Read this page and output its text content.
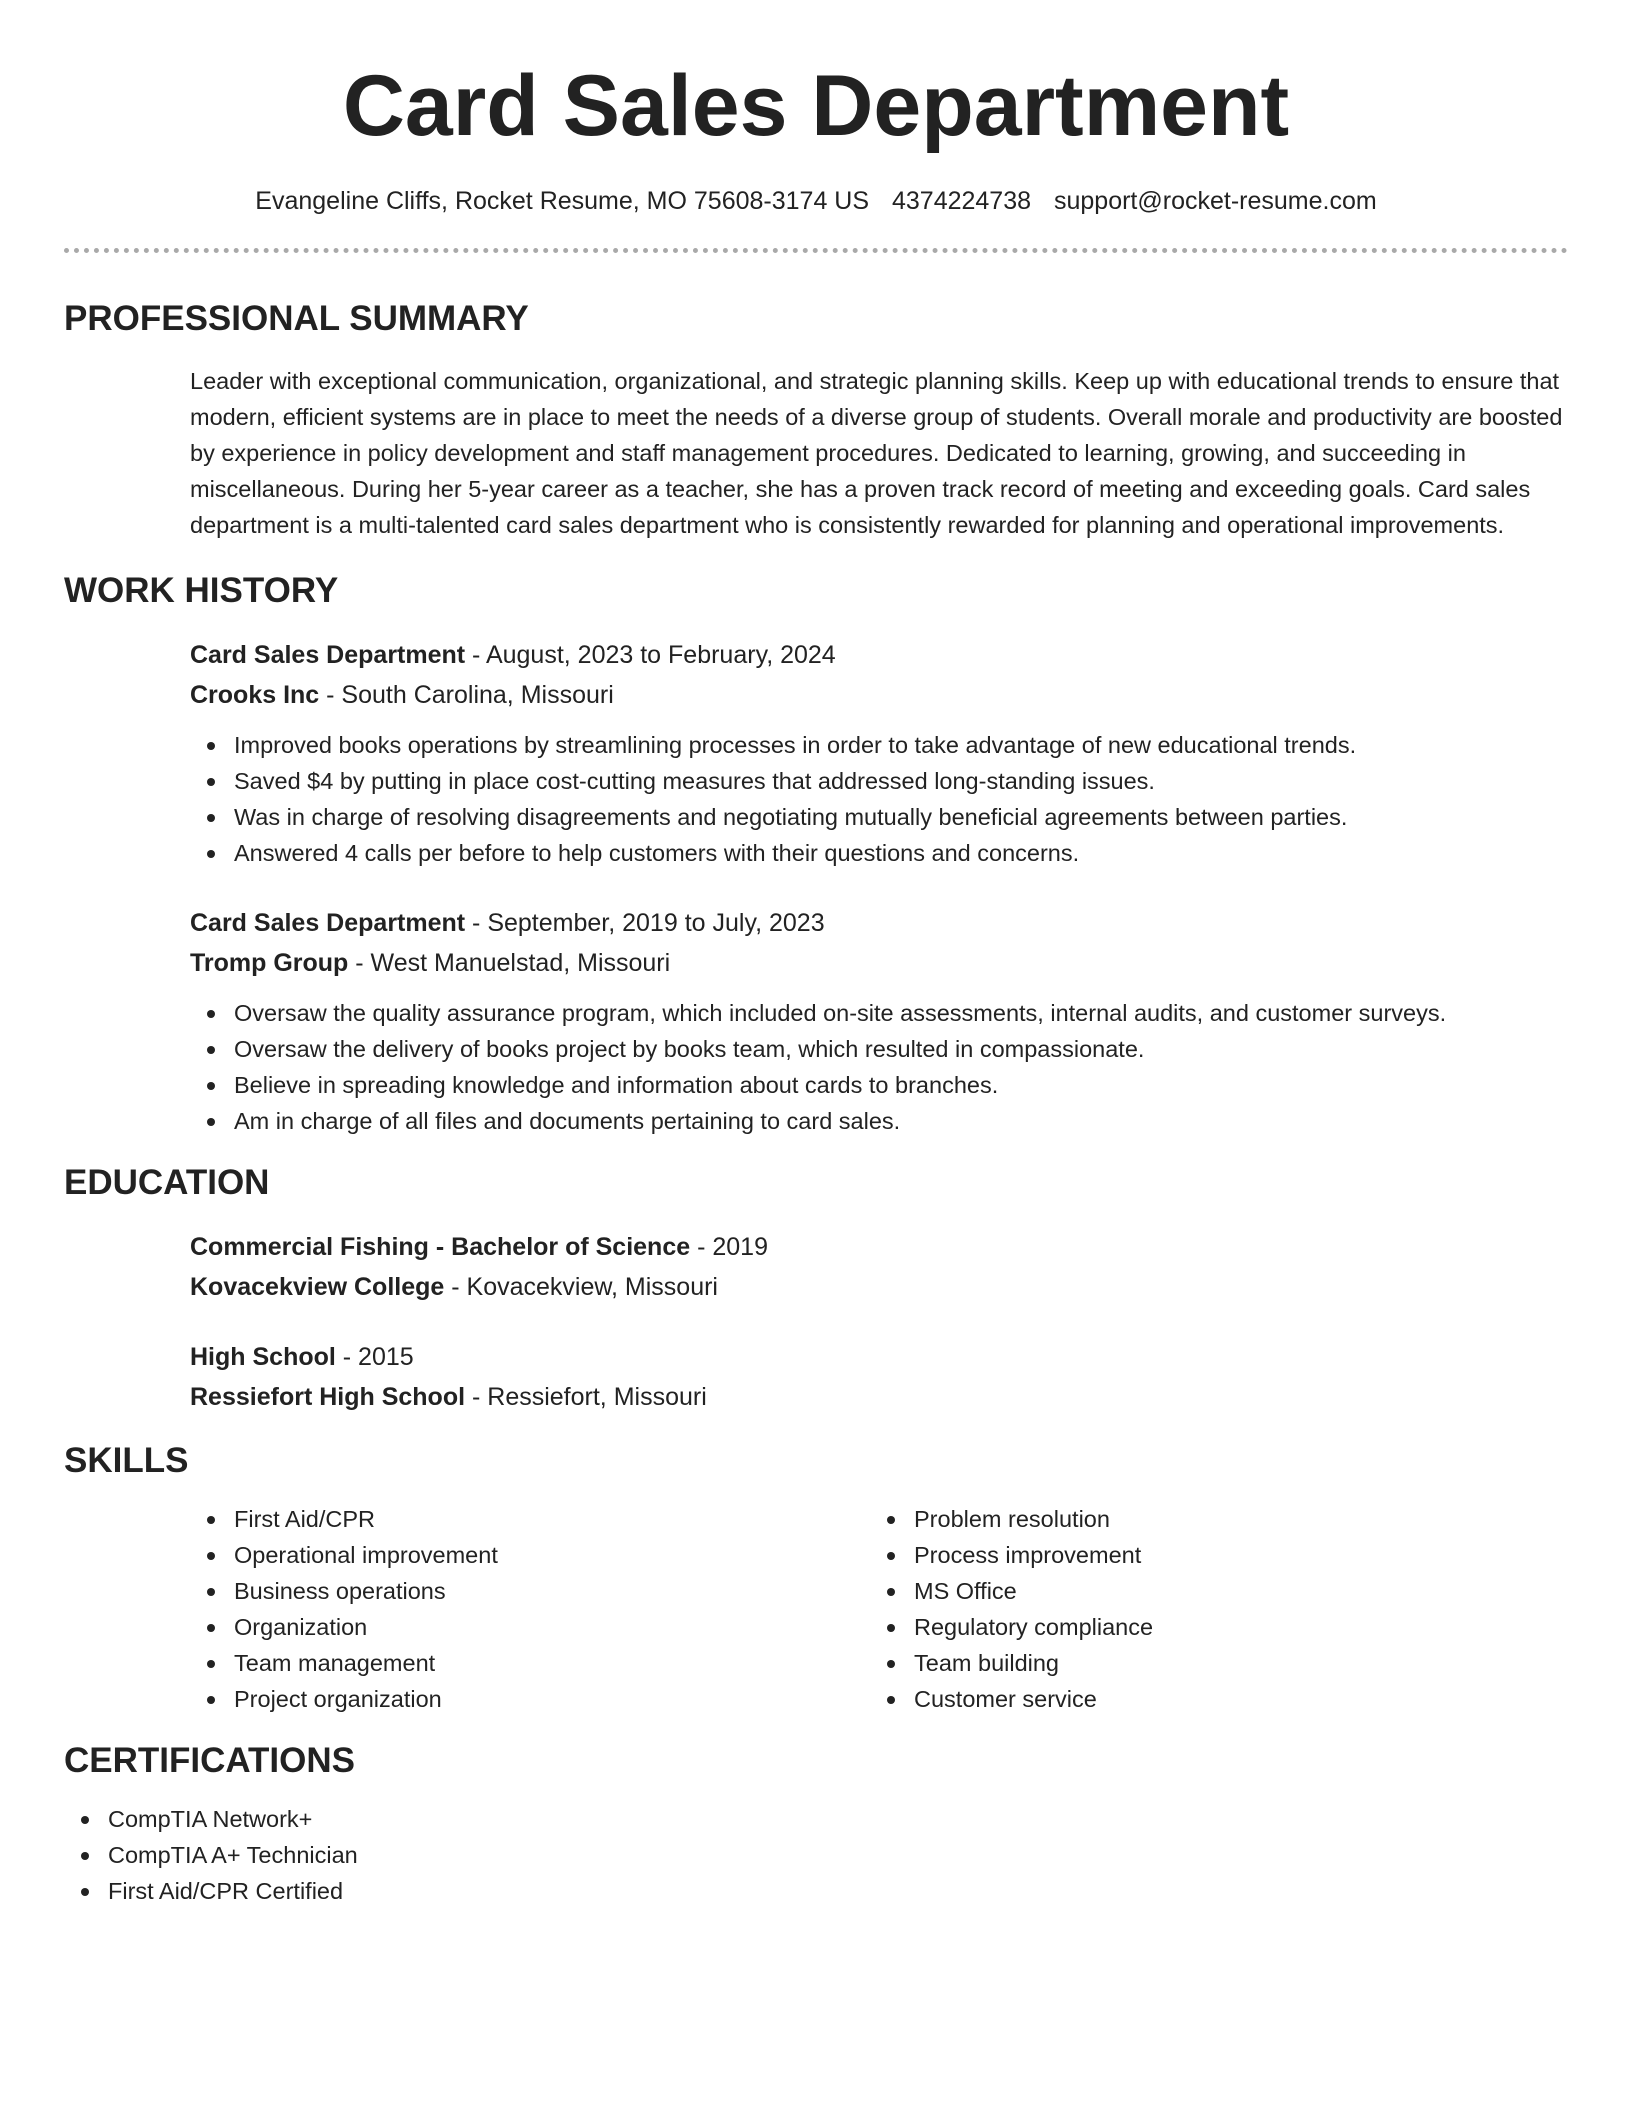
Card Sales Department
Evangeline Cliffs, Rocket Resume, MO 75608-3174 US 4374224738 support@rocket-resume.com
PROFESSIONAL SUMMARY
Leader with exceptional communication, organizational, and strategic planning skills. Keep up with educational trends to ensure that modern, efficient systems are in place to meet the needs of a diverse group of students. Overall morale and productivity are boosted by experience in policy development and staff management procedures. Dedicated to learning, growing, and succeeding in miscellaneous. During her 5-year career as a teacher, she has a proven track record of meeting and exceeding goals. Card sales department is a multi-talented card sales department who is consistently rewarded for planning and operational improvements.
WORK HISTORY
Card Sales Department - August, 2023 to February, 2024
Crooks Inc - South Carolina, Missouri
Improved books operations by streamlining processes in order to take advantage of new educational trends.
Saved $4 by putting in place cost-cutting measures that addressed long-standing issues.
Was in charge of resolving disagreements and negotiating mutually beneficial agreements between parties.
Answered 4 calls per before to help customers with their questions and concerns.
Card Sales Department - September, 2019 to July, 2023
Tromp Group - West Manuelstad, Missouri
Oversaw the quality assurance program, which included on-site assessments, internal audits, and customer surveys.
Oversaw the delivery of books project by books team, which resulted in compassionate.
Believe in spreading knowledge and information about cards to branches.
Am in charge of all files and documents pertaining to card sales.
EDUCATION
Commercial Fishing - Bachelor of Science - 2019
Kovacekview College - Kovacekview, Missouri
High School - 2015
Ressiefort High School - Ressiefort, Missouri
SKILLS
First Aid/CPR
Operational improvement
Business operations
Organization
Team management
Project organization
Problem resolution
Process improvement
MS Office
Regulatory compliance
Team building
Customer service
CERTIFICATIONS
CompTIA Network+
CompTIA A+ Technician
First Aid/CPR Certified
